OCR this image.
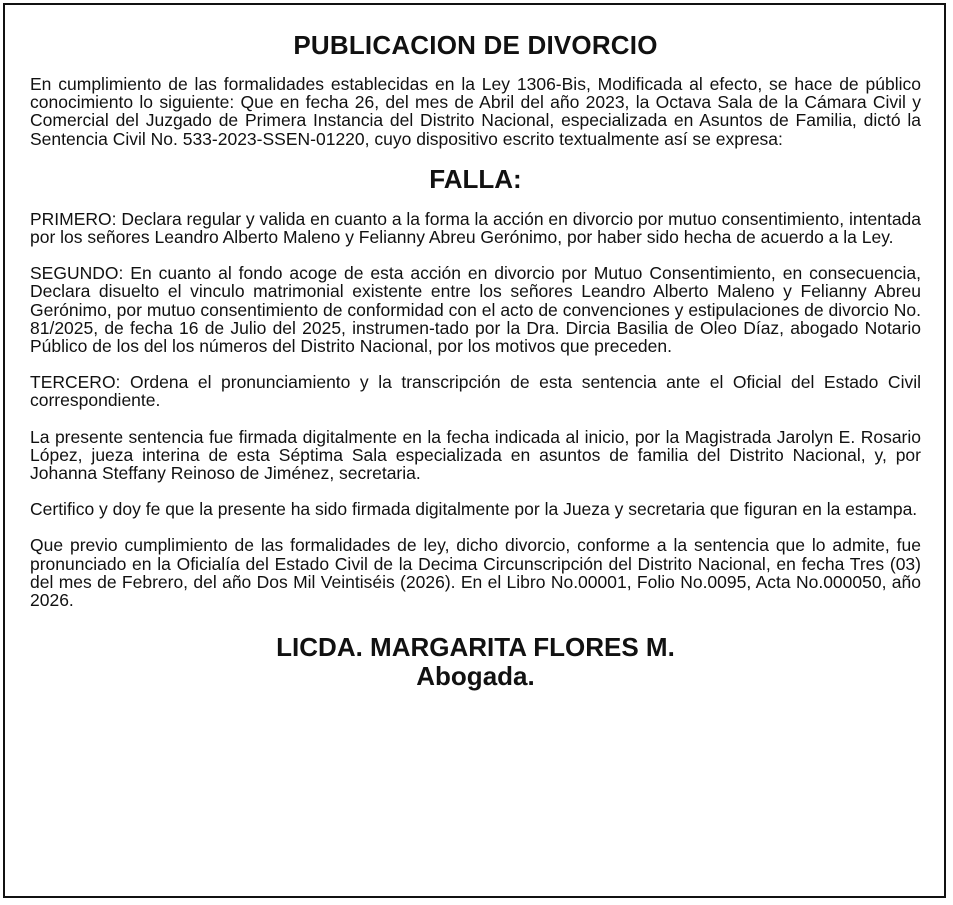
PUBLICACION DE DIVORCIO

En cumplimiento de las formalidades establecidas en la Ley 1306-Bis, Modificada al efecto, se hace de público conocimiento lo siguiente: Que en fecha 26, del mes de Abril del año 2023, la Octava Sala de la Cámara Civil y Comercial del Juzgado de Primera Instancia del Distrito Nacional, especializada en Asuntos de Familia, dictó la Sentencia Civil No. 533-2023-SSEN-01220, cuyo dispositivo escrito textualmente así se expresa:

FALLA:

PRIMERO: Declara regular y valida en cuanto a la forma la acción en divorcio por mutuo consentimiento, intentada por los señores Leandro Alberto Maleno y Felianny Abreu Gerónimo, por haber sido hecha de acuerdo a la Ley.

SEGUNDO: En cuanto al fondo acoge de esta acción en divorcio por Mutuo Consentimiento, en consecuencia, Declara disuelto el vinculo matrimonial existente entre los señores Leandro Alberto Maleno y Felianny Abreu Gerónimo, por mutuo consentimiento de conformidad con el acto de convenciones y estipulaciones de divorcio No. 81/2025, de fecha 16 de Julio del 2025, instrumen-tado por la Dra. Dircia Basilia de Oleo Díaz, abogado Notario Público de los del los números del Distrito Nacional, por los motivos que preceden.

TERCERO: Ordena el pronunciamiento y la transcripción de esta sentencia ante el Oficial del Estado Civil correspondiente.

La presente sentencia fue firmada digitalmente en la fecha indicada al inicio, por la Magistrada Jarolyn E. Rosario López, jueza interina de esta Séptima Sala especializada en asuntos de familia del Distrito Nacional, y, por Johanna Steffany Reinoso de Jiménez, secretaria.

Certifico y doy fe que la presente ha sido firmada digitalmente por la Jueza y secretaria que figuran en la estampa.

Que previo cumplimiento de las formalidades de ley, dicho divorcio, conforme a la sentencia que lo admite, fue pronunciado en la Oficialía del Estado Civil de la Decima Circunscripción del Distrito Nacional, en fecha Tres (03) del mes de Febrero, del año Dos Mil Veintiséis (2026). En el Libro No.00001, Folio No.0095, Acta No.000050, año 2026.

LICDA. MARGARITA FLORES M.
Abogada.
